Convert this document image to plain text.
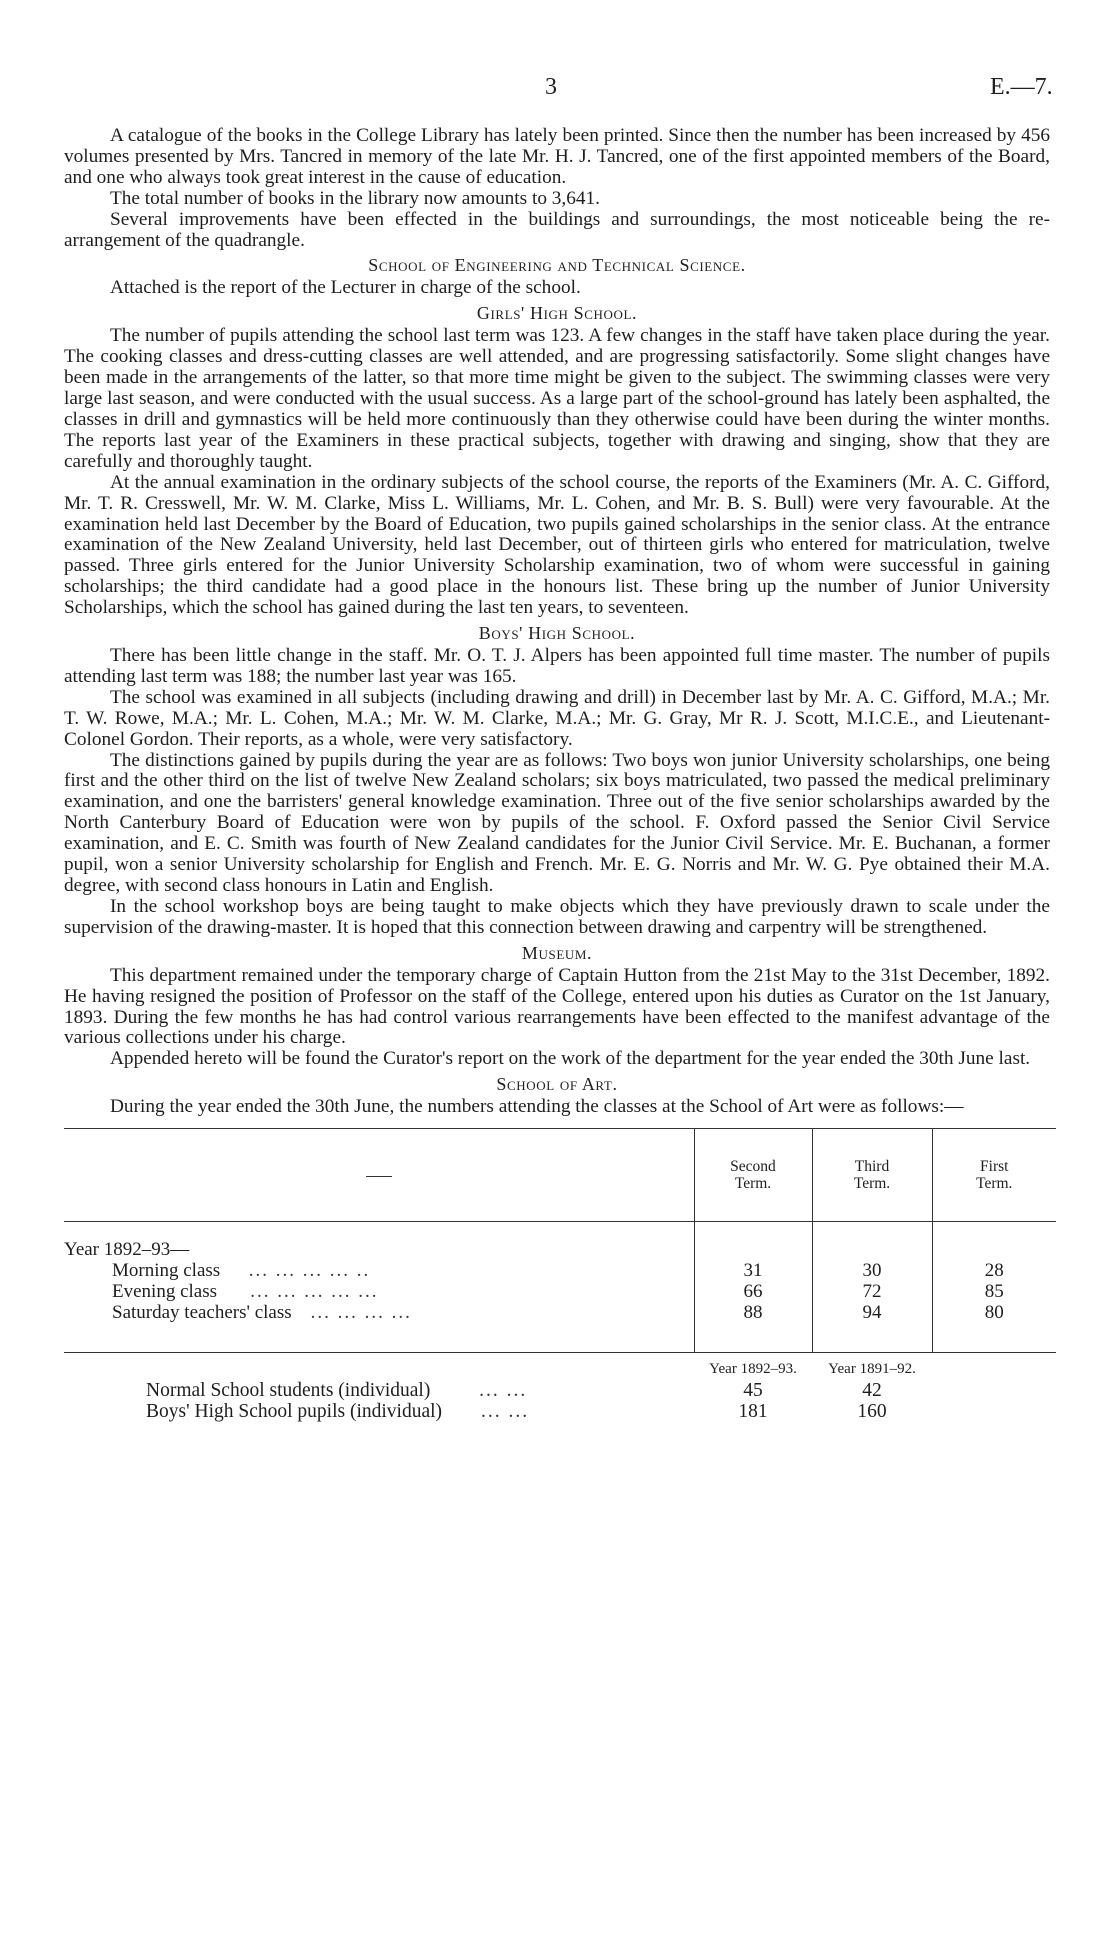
3	E.—7.

A catalogue of the books in the College Library has lately been printed. Since then the number has been increased by 456 volumes presented by Mrs. Tancred in memory of the late Mr. H. J. Tancred, one of the first appointed members of the Board, and one who always took great interest in the cause of education.

The total number of books in the library now amounts to 3,641.

Several improvements have been effected in the buildings and surroundings, the most noticeable being the re-arrangement of the quadrangle.

School of Engineering and Technical Science.

Attached is the report of the Lecturer in charge of the school.

Girls' High School.

The number of pupils attending the school last term was 123. A few changes in the staff have taken place during the year. The cooking classes and dress-cutting classes are well attended, and are progressing satisfactorily. Some slight changes have been made in the arrangements of the latter, so that more time might be given to the subject. The swimming classes were very large last season, and were conducted with the usual success. As a large part of the school-ground has lately been asphalted, the classes in drill and gymnastics will be held more continuously than they otherwise could have been during the winter months. The reports last year of the Examiners in these practical subjects, together with drawing and singing, show that they are carefully and thoroughly taught.

At the annual examination in the ordinary subjects of the school course, the reports of the Examiners (Mr. A. C. Gifford, Mr. T. R. Cresswell, Mr. W. M. Clarke, Miss L. Williams, Mr. L. Cohen, and Mr. B. S. Bull) were very favourable. At the examination held last December by the Board of Education, two pupils gained scholarships in the senior class. At the entrance examination of the New Zealand University, held last December, out of thirteen girls who entered for matriculation, twelve passed. Three girls entered for the Junior University Scholarship examination, two of whom were successful in gaining scholarships; the third candidate had a good place in the honours list. These bring up the number of Junior University Scholarships, which the school has gained during the last ten years, to seventeen.

Boys' High School.

There has been little change in the staff. Mr. O. T. J. Alpers has been appointed full time master. The number of pupils attending last term was 188; the number last year was 165.

The school was examined in all subjects (including drawing and drill) in December last by Mr. A. C. Gifford, M.A.; Mr. T. W. Rowe, M.A.; Mr. L. Cohen, M.A.; Mr. W. M. Clarke, M.A.; Mr. G. Gray, Mr R. J. Scott, M.I.C.E., and Lieutenant-Colonel Gordon. Their reports, as a whole, were very satisfactory.

The distinctions gained by pupils during the year are as follows: Two boys won junior University scholarships, one being first and the other third on the list of twelve New Zealand scholars; six boys matriculated, two passed the medical preliminary examination, and one the barristers' general knowledge examination. Three out of the five senior scholarships awarded by the North Canterbury Board of Education were won by pupils of the school. F. Oxford passed the Senior Civil Service examination, and E. C. Smith was fourth of New Zealand candidates for the Junior Civil Service. Mr. E. Buchanan, a former pupil, won a senior University scholarship for English and French. Mr. E. G. Norris and Mr. W. G. Pye obtained their M.A. degree, with second class honours in Latin and English.

In the school workshop boys are being taught to make objects which they have previously drawn to scale under the supervision of the drawing-master. It is hoped that this connection between drawing and carpentry will be strengthened.

Museum.

This department remained under the temporary charge of Captain Hutton from the 21st May to the 31st December, 1892. He having resigned the position of Professor on the staff of the College, entered upon his duties as Curator on the 1st January, 1893. During the few months he has had control various rearrangements have been effected to the manifest advantage of the various collections under his charge.

Appended hereto will be found the Curator's report on the work of the department for the year ended the 30th June last.

School of Art.

During the year ended the 30th June, the numbers attending the classes at the School of Art were as follows:—

	Second Term.	Third Term.	First Term.

Year 1892–93—			
Morning class ... ... ... ... ..	31	30	28
Evening class ... ... ... ... ...	66	72	85
Saturday teachers' class ... ... ... ...	88	94	80

	Year 1892–93.	Year 1891–92.	
Normal School students (individual) ... ...	45	42	
Boys' High School pupils (individual) ... ...	181	160	
